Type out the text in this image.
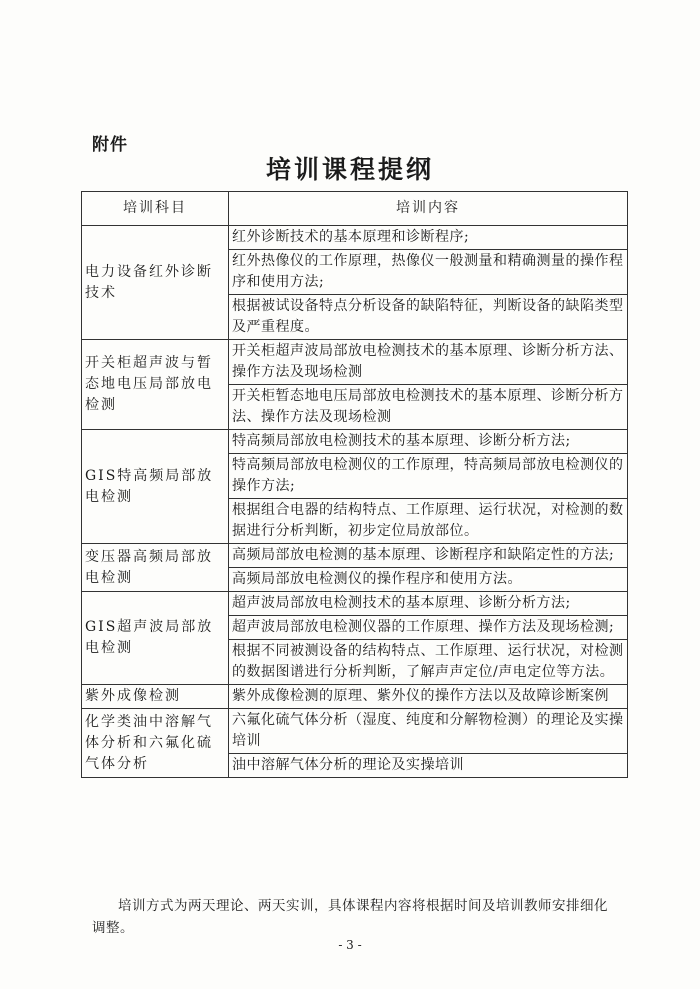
附件
培训课程提纲
培训科目	培训内容
电力设备红外诊断技术	红外诊断技术的基本原理和诊断程序;
	红外热像仪的工作原理，热像仪一般测量和精确测量的操作程序和使用方法;
	根据被试设备特点分析设备的缺陷特征，判断设备的缺陷类型及严重程度。
开关柜超声波与暂态地电压局部放电检测	开关柜超声波局部放电检测技术的基本原理、诊断分析方法、操作方法及现场检测
	开关柜暂态地电压局部放电检测技术的基本原理、诊断分析方法、操作方法及现场检测
GIS特高频局部放电检测	特高频局部放电检测技术的基本原理、诊断分析方法;
	特高频局部放电检测仪的工作原理，特高频局部放电检测仪的操作方法;
	根据组合电器的结构特点、工作原理、运行状况，对检测的数据进行分析判断，初步定位局放部位。
变压器高频局部放电检测	高频局部放电检测的基本原理、诊断程序和缺陷定性的方法;
	高频局部放电检测仪的操作程序和使用方法。
GIS超声波局部放电检测	超声波局部放电检测技术的基本原理、诊断分析方法;
	超声波局部放电检测仪器的工作原理、操作方法及现场检测;
	根据不同被测设备的结构特点、工作原理、运行状况，对检测的数据图谱进行分析判断，了解声声定位/声电定位等方法。
紫外成像检测	紫外成像检测的原理、紫外仪的操作方法以及故障诊断案例
化学类油中溶解气体分析和六氟化硫气体分析	六氟化硫气体分析（湿度、纯度和分解物检测）的理论及实操培训
	油中溶解气体分析的理论及实操培训
培训方式为两天理论、两天实训，具体课程内容将根据时间及培训教师安排细化调整。
- 3 -
